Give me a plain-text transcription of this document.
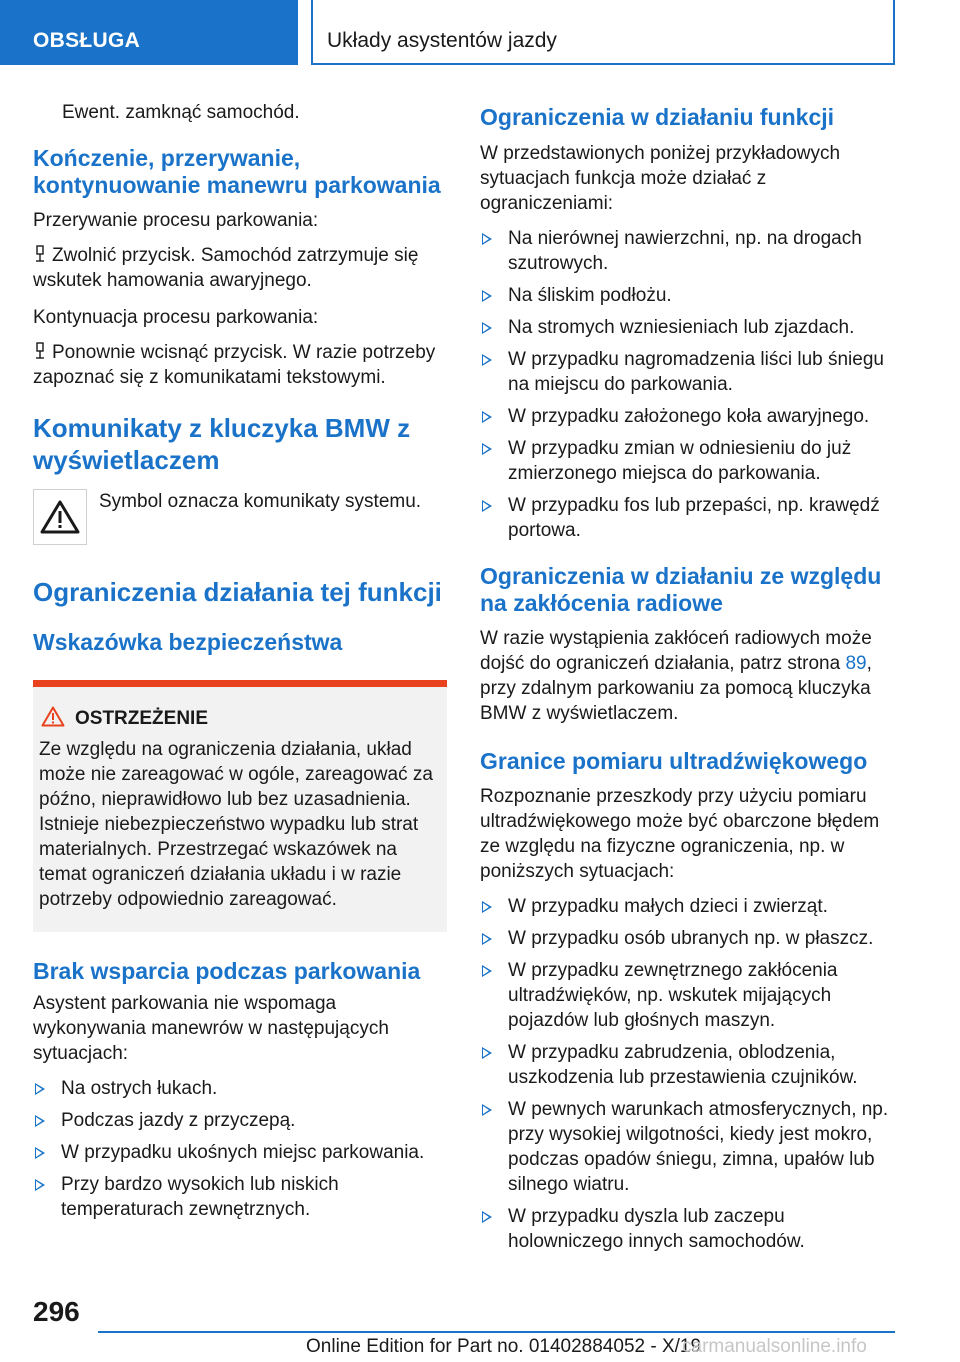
OBSŁUGA	Układy asystentów jazdy

Ewent. zamknąć samochód.

Kończenie, przerywanie, kontynuowanie manewru parkowania

Przerywanie procesu parkowania:

Zwolnić przycisk. Samochód zatrzymuje się wskutek hamowania awaryjnego.

Kontynuacja procesu parkowania:

Ponownie wcisnąć przycisk. W razie potrzeby zapoznać się z komunikatami tekstowymi.

Komunikaty z kluczyka BMW z wyświetlaczem

Symbol oznacza komunikaty systemu.

Ograniczenia działania tej funkcji
Wskazówka bezpieczeństwa
OSTRZEŻENIE

Ze względu na ograniczenia działania, układ może nie zareagować w ogóle, zareagować za późno, nieprawidłowo lub bez uzasadnienia. Istnieje niebezpieczeństwo wypadku lub strat materialnych. Przestrzegać wskazówek na temat ograniczeń działania układu i w razie potrzeby odpowiednio zareagować.

Brak wsparcia podczas parkowania

Asystent parkowania nie wspomaga wykonywania manewrów w następujących sytuacjach:

Na ostrych łukach.
Podczas jazdy z przyczepą.
W przypadku ukośnych miejsc parkowania.
Przy bardzo wysokich lub niskich temperaturach zewnętrznych.
Ograniczenia w działaniu funkcji

W przedstawionych poniżej przykładowych sytuacjach funkcja może działać z ograniczeniami:

Na nierównej nawierzchni, np. na drogach szutrowych.
Na śliskim podłożu.
Na stromych wzniesieniach lub zjazdach.
W przypadku nagromadzenia liści lub śniegu na miejscu do parkowania.
W przypadku założonego koła awaryjnego.
W przypadku zmian w odniesieniu do już zmierzonego miejsca do parkowania.
W przypadku fos lub przepaści, np. krawędź portowa.
Ograniczenia w działaniu ze względu na zakłócenia radiowe

W razie wystąpienia zakłóceń radiowych może dojść do ograniczeń działania, patrz strona 89, przy zdalnym parkowaniu za pomocą kluczyka BMW z wyświetlaczem.

Granice pomiaru ultradźwiękowego

Rozpoznanie przeszkody przy użyciu pomiaru ultradźwiękowego może być obarczone błędem ze względu na fizyczne ograniczenia, np. w poniższych sytuacjach:

W przypadku małych dzieci i zwierząt.
W przypadku osób ubranych np. w płaszcz.
W przypadku zewnętrznego zakłócenia ultradźwięków, np. wskutek mijających pojazdów lub głośnych maszyn.
W przypadku zabrudzenia, oblodzenia, uszkodzenia lub przestawienia czujników.
W pewnych warunkach atmosferycznych, np. przy wysokiej wilgotności, kiedy jest mokro, podczas opadów śniegu, zimna, upałów lub silnego wiatru.
W przypadku dyszla lub zaczepu holowniczego innych samochodów.
296
Online Edition for Part no. 01402884052 - X/19
carmanualsonline.info
